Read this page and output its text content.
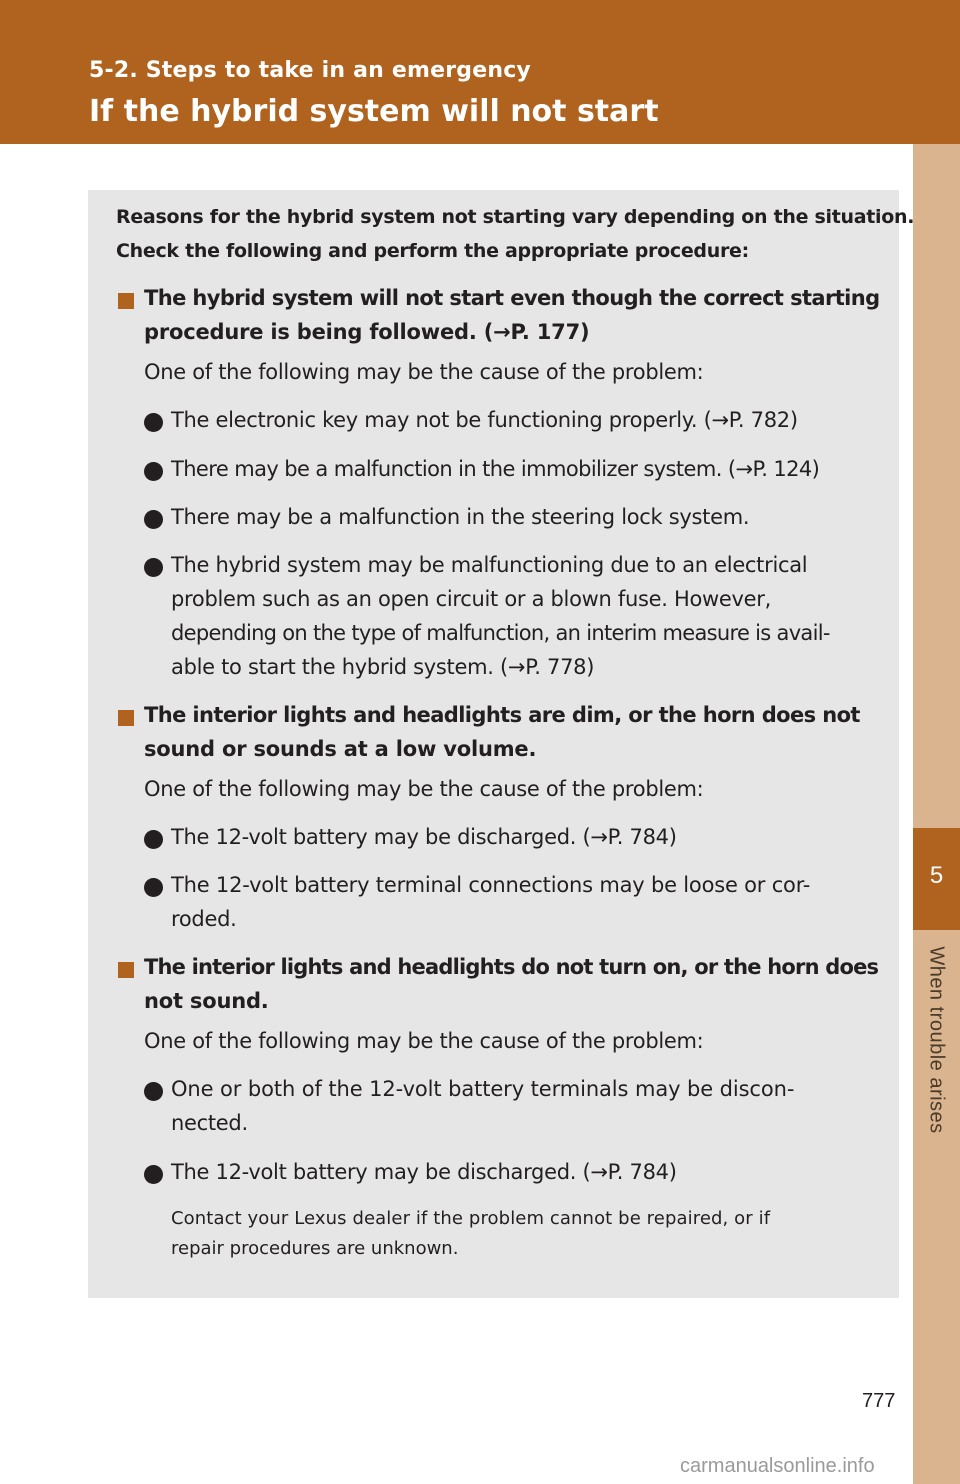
5-2. Steps to take in an emergency
If the hybrid system will not start
5
When trouble arises

Reasons for the hybrid system not starting vary depending on the situation.

Check the following and perform the appropriate procedure:

The hybrid system will not start even though the correct starting

procedure is being followed. (→P. 177)

One of the following may be the cause of the problem:

The electronic key may not be functioning properly. (→P. 782)

There may be a malfunction in the immobilizer system. (→P. 124)

There may be a malfunction in the steering lock system.

The hybrid system may be malfunctioning due to an electrical

problem such as an open circuit or a blown fuse. However,

depending on the type of malfunction, an interim measure is avail-

able to start the hybrid system. (→P. 778)

The interior lights and headlights are dim, or the horn does not

sound or sounds at a low volume.

One of the following may be the cause of the problem:

The 12-volt battery may be discharged. (→P. 784)

The 12-volt battery terminal connections may be loose or cor-

roded.

The interior lights and headlights do not turn on, or the horn does

not sound.

One of the following may be the cause of the problem:

One or both of the 12-volt battery terminals may be discon-

nected.

The 12-volt battery may be discharged. (→P. 784)

Contact your Lexus dealer if the problem cannot be repaired, or if

repair procedures are unknown.

777
carmanualsonline.info
